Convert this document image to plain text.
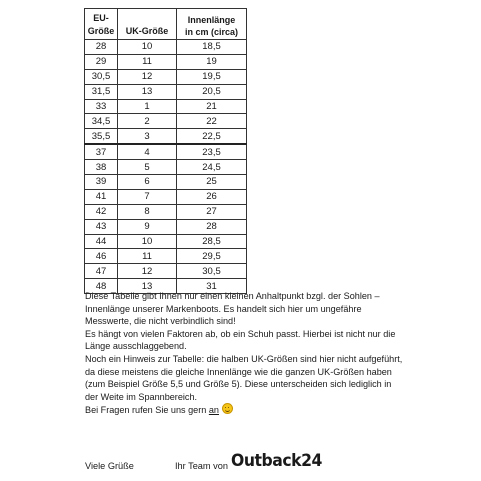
EU-Größe	UK-Größe	Innenlänge
in cm (circa)
28	10	18,5
29	11	19
30,5	12	19,5
31,5	13	20,5
33	1	21
34,5	2	22
35,5	3	22,5
37	4	23,5
38	5	24,5
39	6	25
41	7	26
42	8	27
43	9	28
44	10	28,5
46	11	29,5
47	12	30,5
48	13	31

Diese Tabelle gibt Ihnen nur einen kleinen Anhaltpunkt bzgl. der Sohlen – Innenlänge unserer Markenboots. Es handelt sich hier um ungefähre Messwerte, die nicht verbindlich sind!

Es hängt von vielen Faktoren ab, ob ein Schuh passt. Hierbei ist nicht nur die Länge ausschlaggebend.

Noch ein Hinweis zur Tabelle: die halben UK-Größen sind hier nicht aufgeführt, da diese meistens die gleiche Innenlänge wie die ganzen UK-Größen haben (zum Beispiel Größe 5,5 und Größe 5). Diese unterscheiden sich lediglich in der Weite im Spannbereich.

Bei Fragen rufen Sie uns gern an

Viele Grüße	Ihr Team von Outback24
